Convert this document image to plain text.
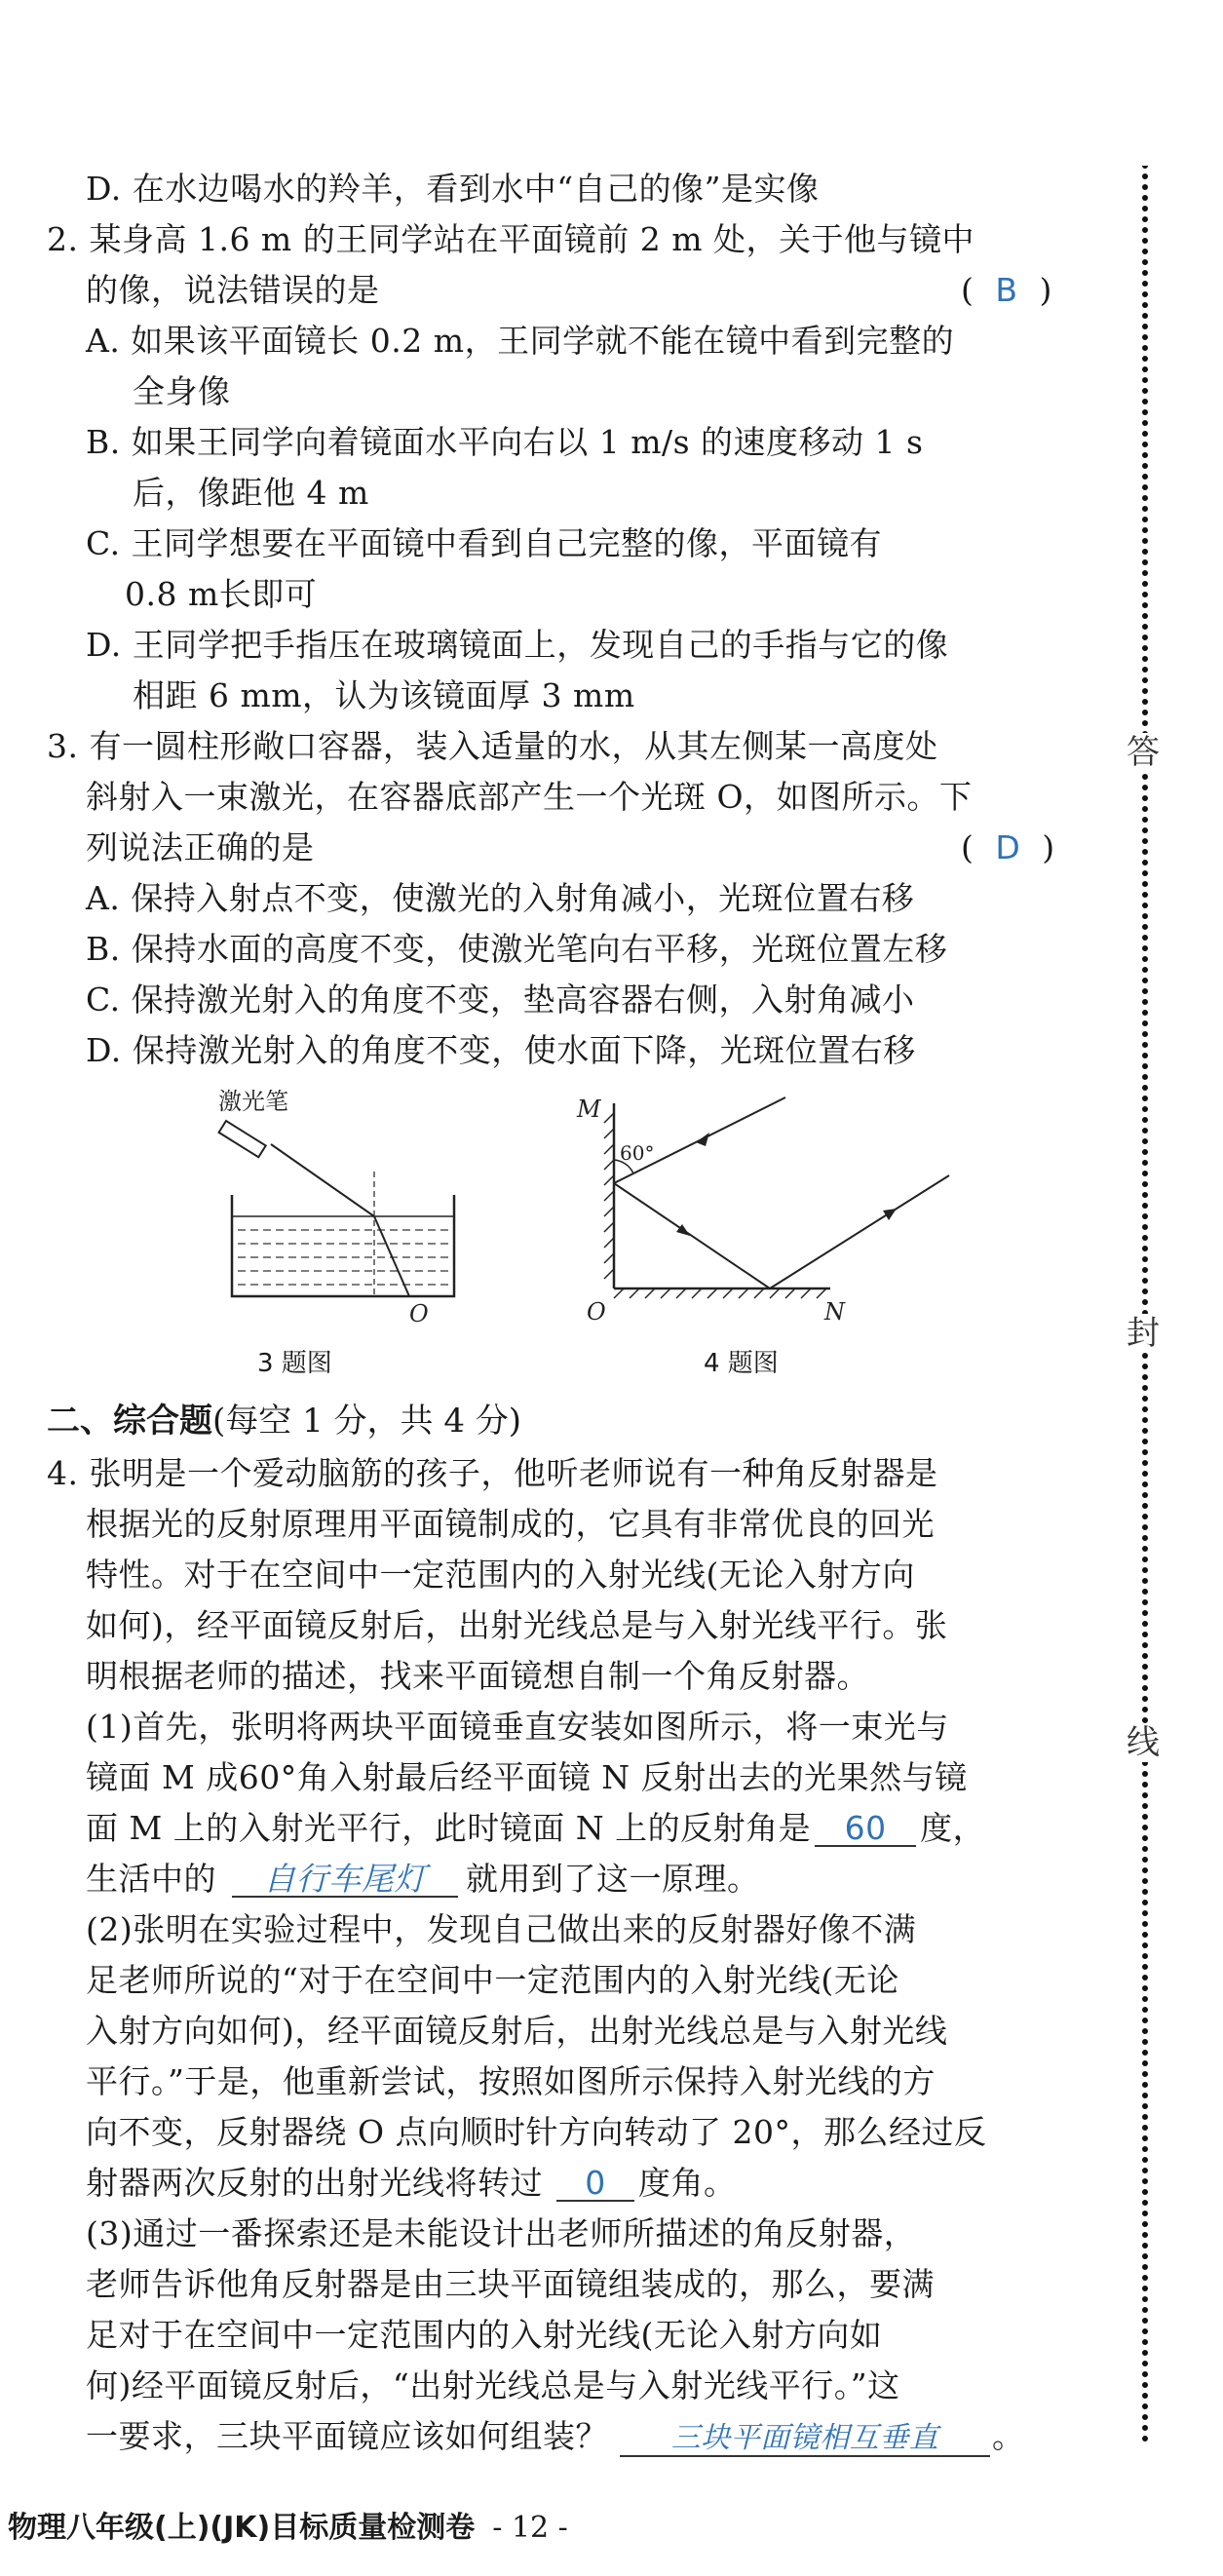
D. 在水边喝水的羚羊，看到水中“自己的像”是实像
2. 某身高 1.6 m 的王同学站在平面镜前 2 m 处，关于他与镜中
的像，说法错误的是	(  B  )
A. 如果该平面镜长 0.2 m，王同学就不能在镜中看到完整的
全身像
B. 如果王同学向着镜面水平向右以 1 m/s 的速度移动 1 s
后，像距他 4 m
C. 王同学想要在平面镜中看到自己完整的像，平面镜有
0.8 m长即可
D. 王同学把手指压在玻璃镜面上，发现自己的手指与它的像
相距 6 mm，认为该镜面厚 3 mm
3. 有一圆柱形敞口容器，装入适量的水，从其左侧某一高度处
斜射入一束激光，在容器底部产生一个光斑 O，如图所示。下
列说法正确的是	(  D  )
A. 保持入射点不变，使激光的入射角减小，光斑位置右移
B. 保持水面的高度不变，使激光笔向右平移，光斑位置左移
C. 保持激光射入的角度不变，垫高容器右侧，入射角减小
D. 保持激光射入的角度不变，使水面下降，光斑位置右移
激光笔
O
3 题图
M
60°
O	N
4 题图
二、综合题(每空 1 分，共 4 分)
4. 张明是一个爱动脑筋的孩子，他听老师说有一种角反射器是
根据光的反射原理用平面镜制成的，它具有非常优良的回光
特性。对于在空间中一定范围内的入射光线(无论入射方向
如何)，经平面镜反射后，出射光线总是与入射光线平行。张
明根据老师的描述，找来平面镜想自制一个角反射器。
(1)首先，张明将两块平面镜垂直安装如图所示，将一束光与
镜面 M 成60°角入射最后经平面镜 N 反射出去的光果然与镜
面 M 上的入射光平行，此时镜面 N 上的反射角是 60 度，
生活中的 自行车尾灯 就用到了这一原理。
(2)张明在实验过程中，发现自己做出来的反射器好像不满
足老师所说的“对于在空间中一定范围内的入射光线(无论
入射方向如何)，经平面镜反射后，出射光线总是与入射光线
平行。”于是，他重新尝试，按照如图所示保持入射光线的方
向不变，反射器绕 O 点向顺时针方向转动了 20°，那么经过反
射器两次反射的出射光线将转过 0 度角。
(3)通过一番探索还是未能设计出老师所描述的角反射器，
老师告诉他角反射器是由三块平面镜组装成的，那么，要满
足对于在空间中一定范围内的入射光线(无论入射方向如
何)经平面镜反射后，“出射光线总是与入射光线平行。”这
一要求，三块平面镜应该如何组装？ 三块平面镜相互垂直 。
答
封
线
物理八年级(上)(JK)目标质量检测卷 - 12 -
